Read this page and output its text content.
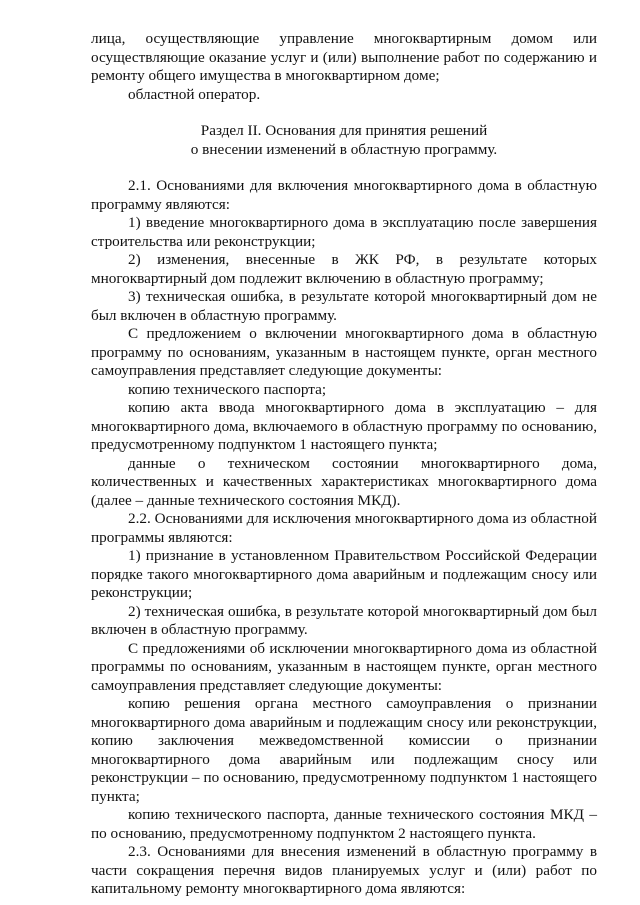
лица, осуществляющие управление многоквартирным домом или осуществляющие оказание услуг и (или) выполнение работ по содержанию и ремонту общего имущества в многоквартирном доме;

областной оператор.

Раздел II. Основания для принятия решений
о внесении изменений в областную программу.

2.1. Основаниями для включения многоквартирного дома в областную программу являются:

1) введение многоквартирного дома в эксплуатацию после завершения строительства или реконструкции;

2) изменения, внесенные в ЖК РФ, в результате которых многоквартирный дом подлежит включению в областную программу;

3) техническая ошибка, в результате которой многоквартирный дом не был включен в областную программу.

С предложением о включении многоквартирного дома в областную программу по основаниям, указанным в настоящем пункте, орган местного самоуправления представляет следующие документы:

копию технического паспорта;

копию акта ввода многоквартирного дома в эксплуатацию – для многоквартирного дома, включаемого в областную программу по основанию, предусмотренному подпунктом 1 настоящего пункта;

данные о техническом состоянии многоквартирного дома, количественных и качественных характеристиках многоквартирного дома (далее – данные технического состояния МКД).

2.2. Основаниями для исключения многоквартирного дома из областной программы являются:

1) признание в установленном Правительством Российской Федерации порядке такого многоквартирного дома аварийным и подлежащим сносу или реконструкции;

2) техническая ошибка, в результате которой многоквартирный дом был включен в областную программу.

С предложениями об исключении многоквартирного дома из областной программы по основаниям, указанным в настоящем пункте, орган местного самоуправления представляет следующие документы:

копию решения органа местного самоуправления о признании многоквартирного дома аварийным и подлежащим сносу или реконструкции, копию заключения межведомственной комиссии о признании многоквартирного дома аварийным или подлежащим сносу или реконструкции – по основанию, предусмотренному подпунктом 1 настоящего пункта;

копию технического паспорта, данные технического состояния МКД – по основанию, предусмотренному подпунктом 2 настоящего пункта.

2.3. Основаниями для внесения изменений в областную программу в части сокращения перечня видов планируемых услуг и (или) работ по капитальному ремонту многоквартирного дома являются:
